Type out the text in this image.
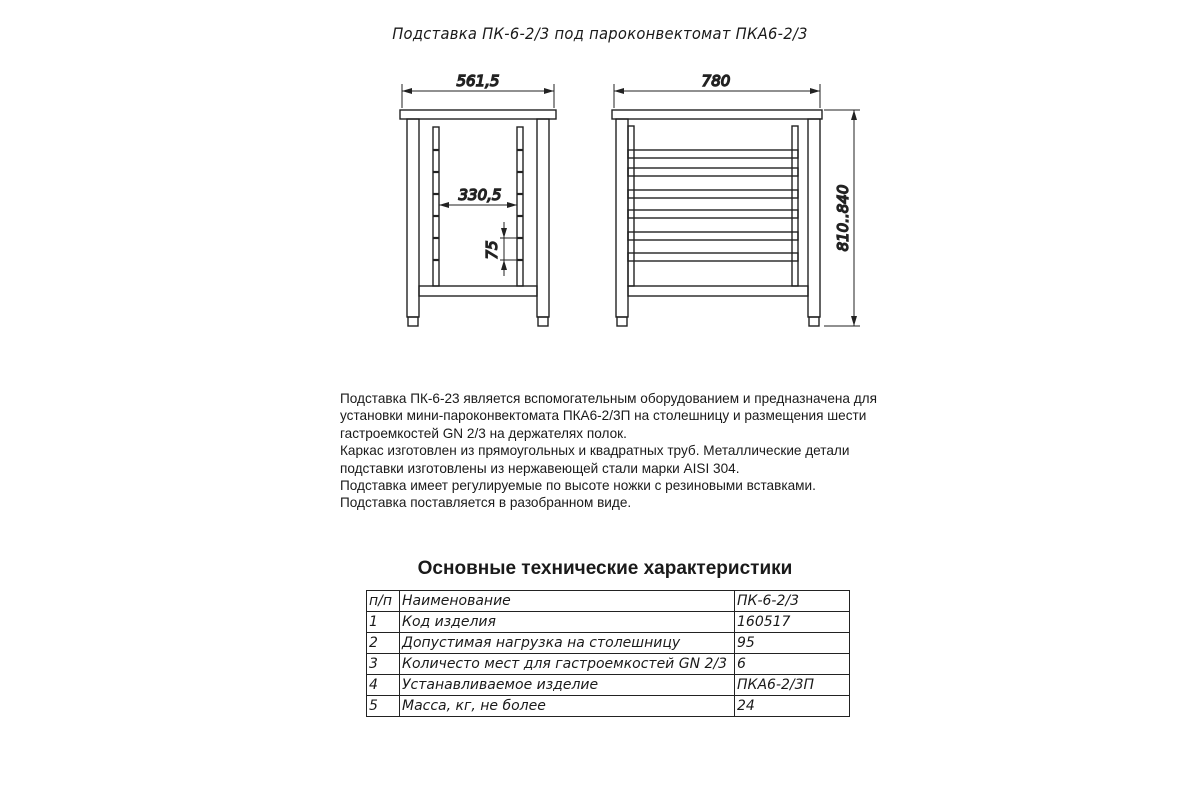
Подставка ПК-6-2/3 под пароконвектомат ПКА6-2/3
561,5
330,5
75
780
810..840

Подставка ПК-6-23 является вспомогательным оборудованием и предназначена для установки мини-пароконвектомата ПКА6-2/3П на столешницу и размещения шести гастроемкостей GN 2/3 на держателях полок.

Каркас изготовлен из прямоугольных и квадратных труб. Металлические детали подставки изготовлены из нержавеющей стали марки AISI 304.

Подставка имеет регулируемые по высоте ножки с резиновыми вставками.

Подставка поставляется в разобранном виде.

Основные технические характеристики
п/п	Наименование	ПК-6-2/3
1	Код изделия	160517
2	Допустимая нагрузка на столешницу	95
3	Количесто мест для гастроемкостей GN 2/3	6
4	Устанавливаемое изделие	ПКА6-2/3П
5	Масса, кг, не более	24
